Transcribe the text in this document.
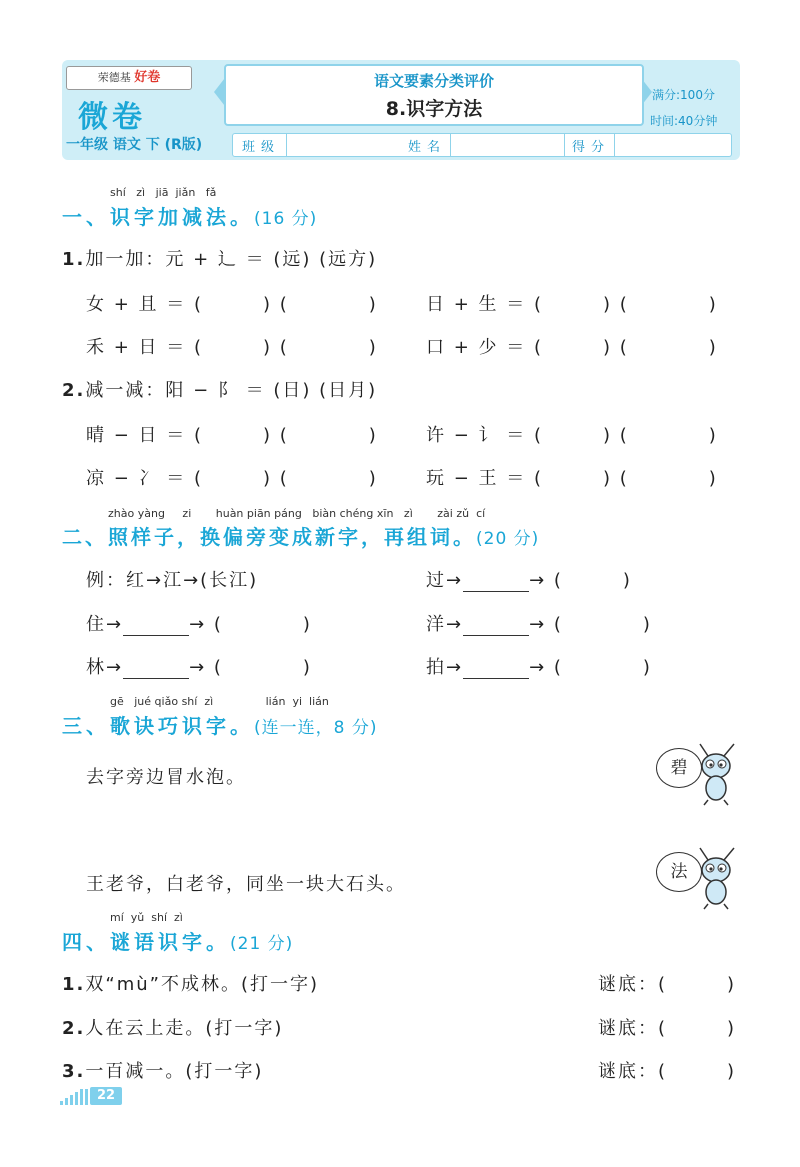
荣德基 好卷
微卷
一年级 语文 下 (R版)
语文要素分类评价
8.识字方法
满分:100分
时间:40分钟
班级	姓名	得分
shí zì jiā jiǎn fǎ
一、识字加减法。(16 分)
1.加一加：元 + 辶 ＝ (远) (远方)
女 + 且 ＝ (　　　) (　　　　)	日 + 生 ＝ (　　　) (　　　　)
禾 + 日 ＝ (　　　) (　　　　)	口 + 少 ＝ (　　　) (　　　　)
2.减一减：阳 − 阝 ＝ (日) (日月)
晴 − 日 ＝ (　　　) (　　　　)	许 − 讠 ＝ (　　　) (　　　　)
凉 − 冫 ＝ (　　　) (　　　　)	玩 − 王 ＝ (　　　) (　　　　)
zhào yàng zi huàn piān páng biàn chéng xīn zì zài zǔ cí
二、照样子，换偏旁变成新字，再组词。(20 分)
例：红→江→(长江)	过→	→ (　　　)
住→	→ (　　　　)	洋→	→ (　　　　)
林→	→ (　　　　)	拍→	→ (　　　　)
gē jué qiǎo shí zì	lián yi lián
三、歌诀巧识字。(连一连，8 分)
去字旁边冒水泡。
王老爷，白老爷，同坐一块大石头。
碧
法
mí yǔ shí zì
四、谜语识字。(21 分)
1.双“mù”不成林。(打一字)	谜底：(　　　)
2.人在云上走。(打一字)	谜底：(　　　)
3.一百减一。(打一字)	谜底：(　　　)
22
